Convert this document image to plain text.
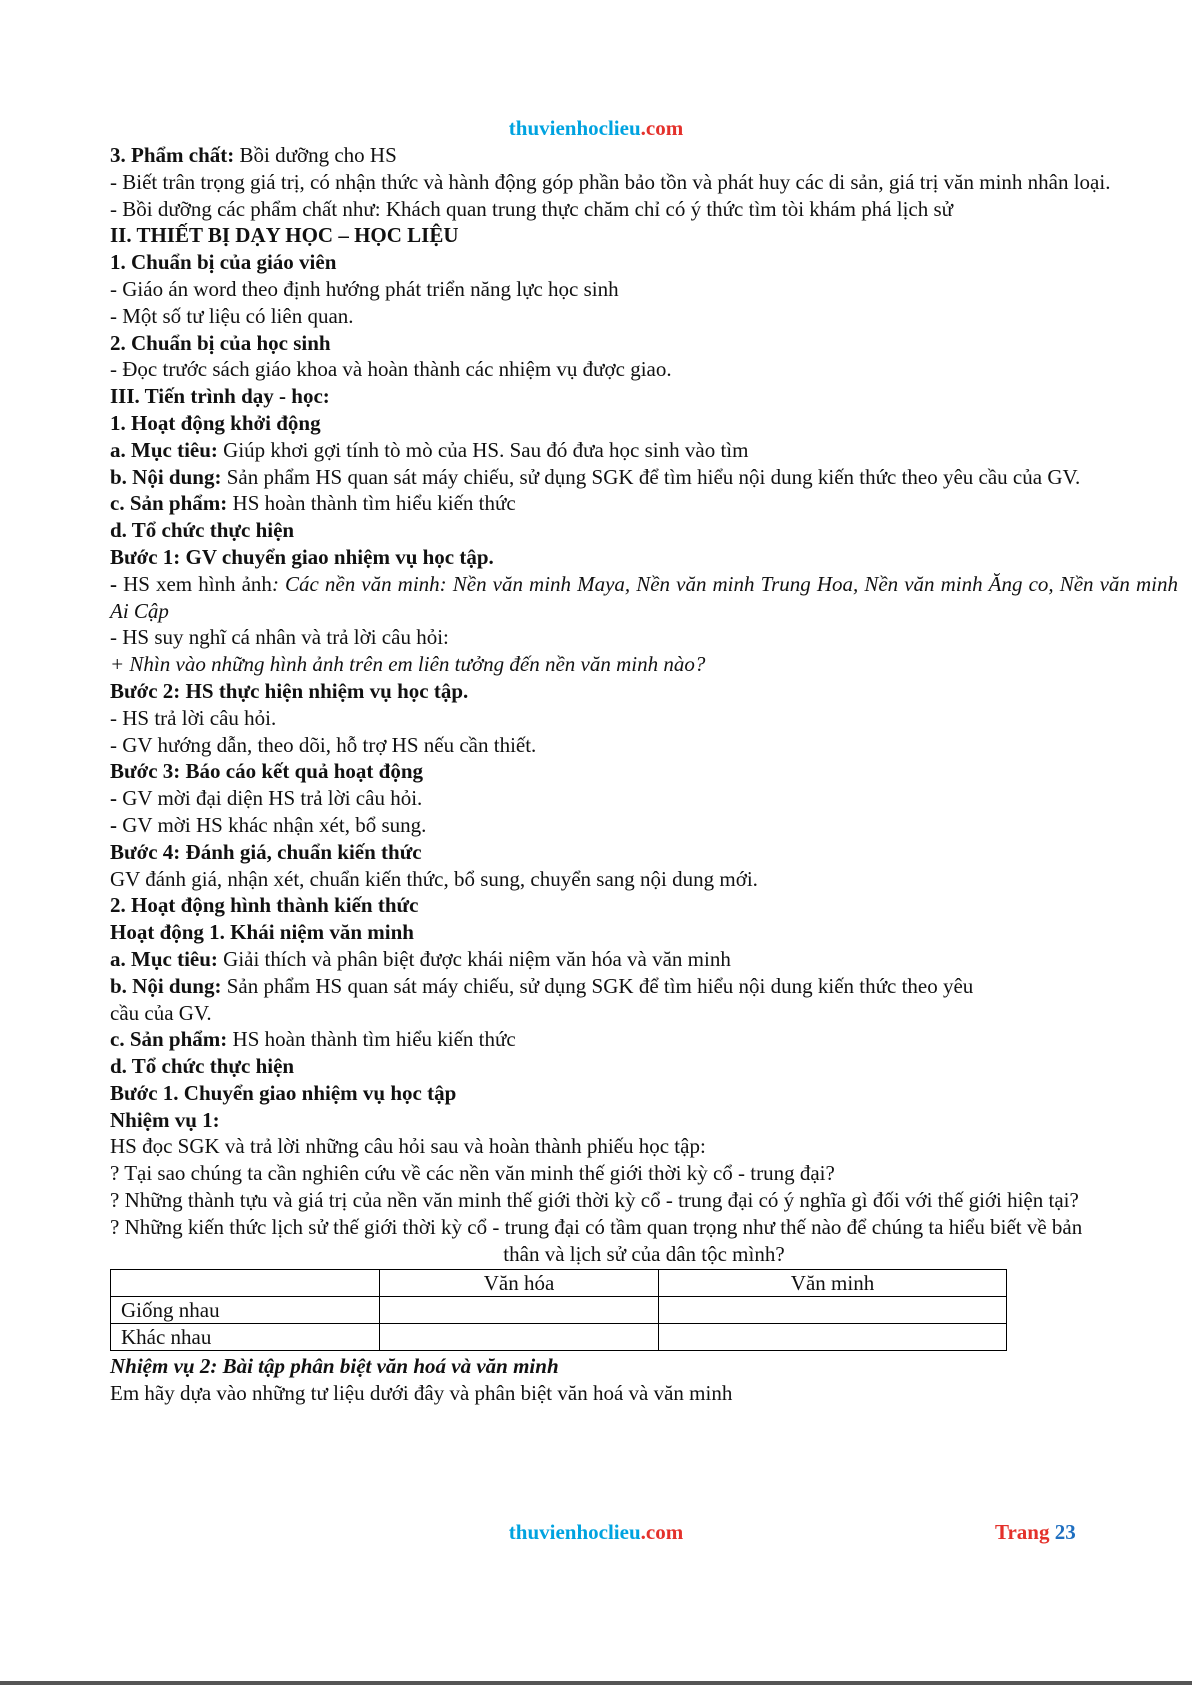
thuvienhoclieu.com

3. Phẩm chất: Bồi dưỡng cho HS

- Biết trân trọng giá trị, có nhận thức và hành động góp phần bảo tồn và phát huy các di sản, giá trị văn minh nhân loại.

- Bồi dưỡng các phẩm chất như: Khách quan trung thực chăm chỉ có ý thức tìm tòi khám phá lịch sử

II. THIẾT BỊ DẠY HỌC – HỌC LIỆU

1. Chuẩn bị của giáo viên

- Giáo án word theo định hướng phát triển năng lực học sinh

- Một số tư liệu có liên quan.

2. Chuẩn bị của học sinh

- Đọc trước sách giáo khoa và hoàn thành các nhiệm vụ được giao.

III. Tiến trình dạy - học:

1. Hoạt động khởi động

a. Mục tiêu: Giúp khơi gợi tính tò mò của HS. Sau đó đưa học sinh vào tìm

b. Nội dung: Sản phẩm HS quan sát máy chiếu, sử dụng SGK để tìm hiểu nội dung kiến thức theo yêu cầu của GV.

c. Sản phẩm: HS hoàn thành tìm hiểu kiến thức

d. Tổ chức thực hiện

Bước 1: GV chuyển giao nhiệm vụ học tập.

- HS xem hình ảnh: Các nền văn minh: Nền văn minh Maya, Nền văn minh Trung Hoa, Nền văn minh Ăng co, Nền văn minh Ai Cập

- HS suy nghĩ cá nhân và trả lời câu hỏi:

+ Nhìn vào những hình ảnh trên em liên tưởng đến nền văn minh nào?

Bước 2: HS thực hiện nhiệm vụ học tập.

- HS trả lời câu hỏi.

- GV hướng dẫn, theo dõi, hỗ trợ HS nếu cần thiết.

Bước 3: Báo cáo kết quả hoạt động

- GV mời đại diện HS trả lời câu hỏi.

- GV mời HS khác nhận xét, bổ sung.

Bước 4: Đánh giá, chuẩn kiến thức

GV đánh giá, nhận xét, chuẩn kiến thức, bổ sung, chuyển sang nội dung mới.

2. Hoạt động hình thành kiến thức

Hoạt động 1. Khái niệm văn minh

a. Mục tiêu: Giải thích và phân biệt được khái niệm văn hóa và văn minh

b. Nội dung: Sản phẩm HS quan sát máy chiếu, sử dụng SGK để tìm hiểu nội dung kiến thức theo yêu

cầu của GV.

c. Sản phẩm: HS hoàn thành tìm hiểu kiến thức

d. Tổ chức thực hiện

Bước 1. Chuyển giao nhiệm vụ học tập

Nhiệm vụ 1:

HS đọc SGK và trả lời những câu hỏi sau và hoàn thành phiếu học tập:

? Tại sao chúng ta cần nghiên cứu về các nền văn minh thế giới thời kỳ cổ - trung đại?

? Những thành tựu và giá trị của nền văn minh thế giới thời kỳ cổ - trung đại có ý nghĩa gì đối với thế giới hiện tại?

? Những kiến thức lịch sử thế giới thời kỳ cổ - trung đại có tầm quan trọng như thế nào để chúng ta hiểu biết về bản

thân và lịch sử của dân tộc mình?

	Văn hóa	Văn minh
Giống nhau		
Khác nhau		

Nhiệm vụ 2: Bài tập phân biệt văn hoá và văn minh

Em hãy dựa vào những tư liệu dưới đây và phân biệt văn hoá và văn minh

thuvienhoclieu.com	Trang 23
